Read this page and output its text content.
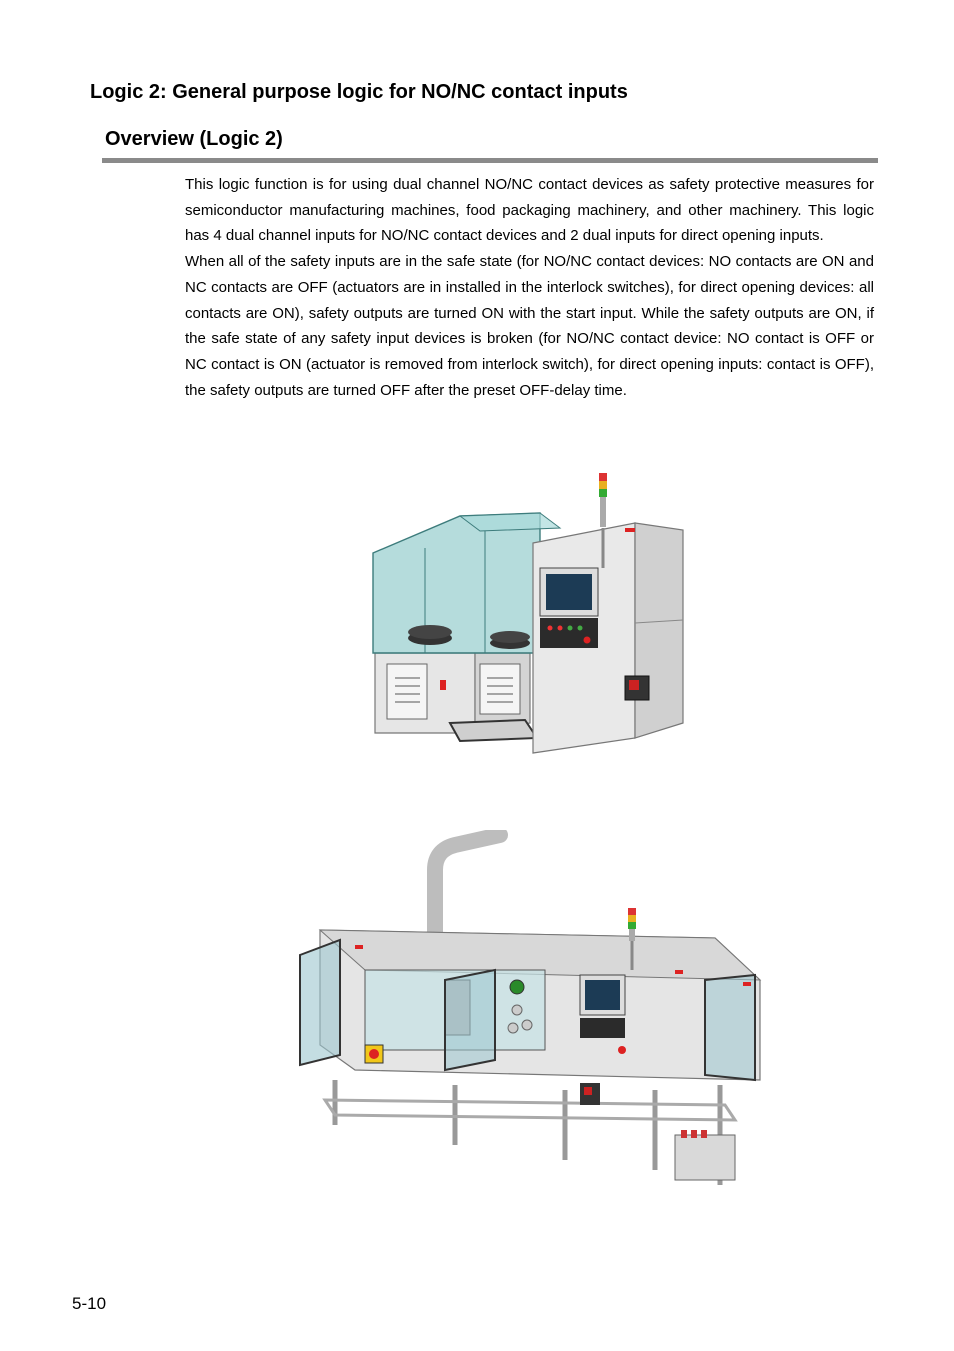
Logic 2: General purpose logic for NO/NC contact inputs
Overview (Logic 2)

This logic function is for using dual channel NO/NC contact devices as safety protective measures for semiconductor manufacturing machines, food packaging machinery, and other machinery. This logic has 4 dual channel inputs for NO/NC contact devices and 2 dual inputs for direct opening inputs.

When all of the safety inputs are in the safe state (for NO/NC contact devices: NO contacts are ON and NC contacts are OFF (actuators are in installed in the interlock switches), for direct opening devices: all contacts are ON), safety outputs are turned ON with the start input. While the safety outputs are ON, if the safe state of any safety input devices is broken (for NO/NC contact device: NO contact is OFF or NC contact is ON (actuator is removed from interlock switch), for direct opening inputs: contact is OFF), the safety outputs are turned OFF after the preset OFF-delay time.

5-10
